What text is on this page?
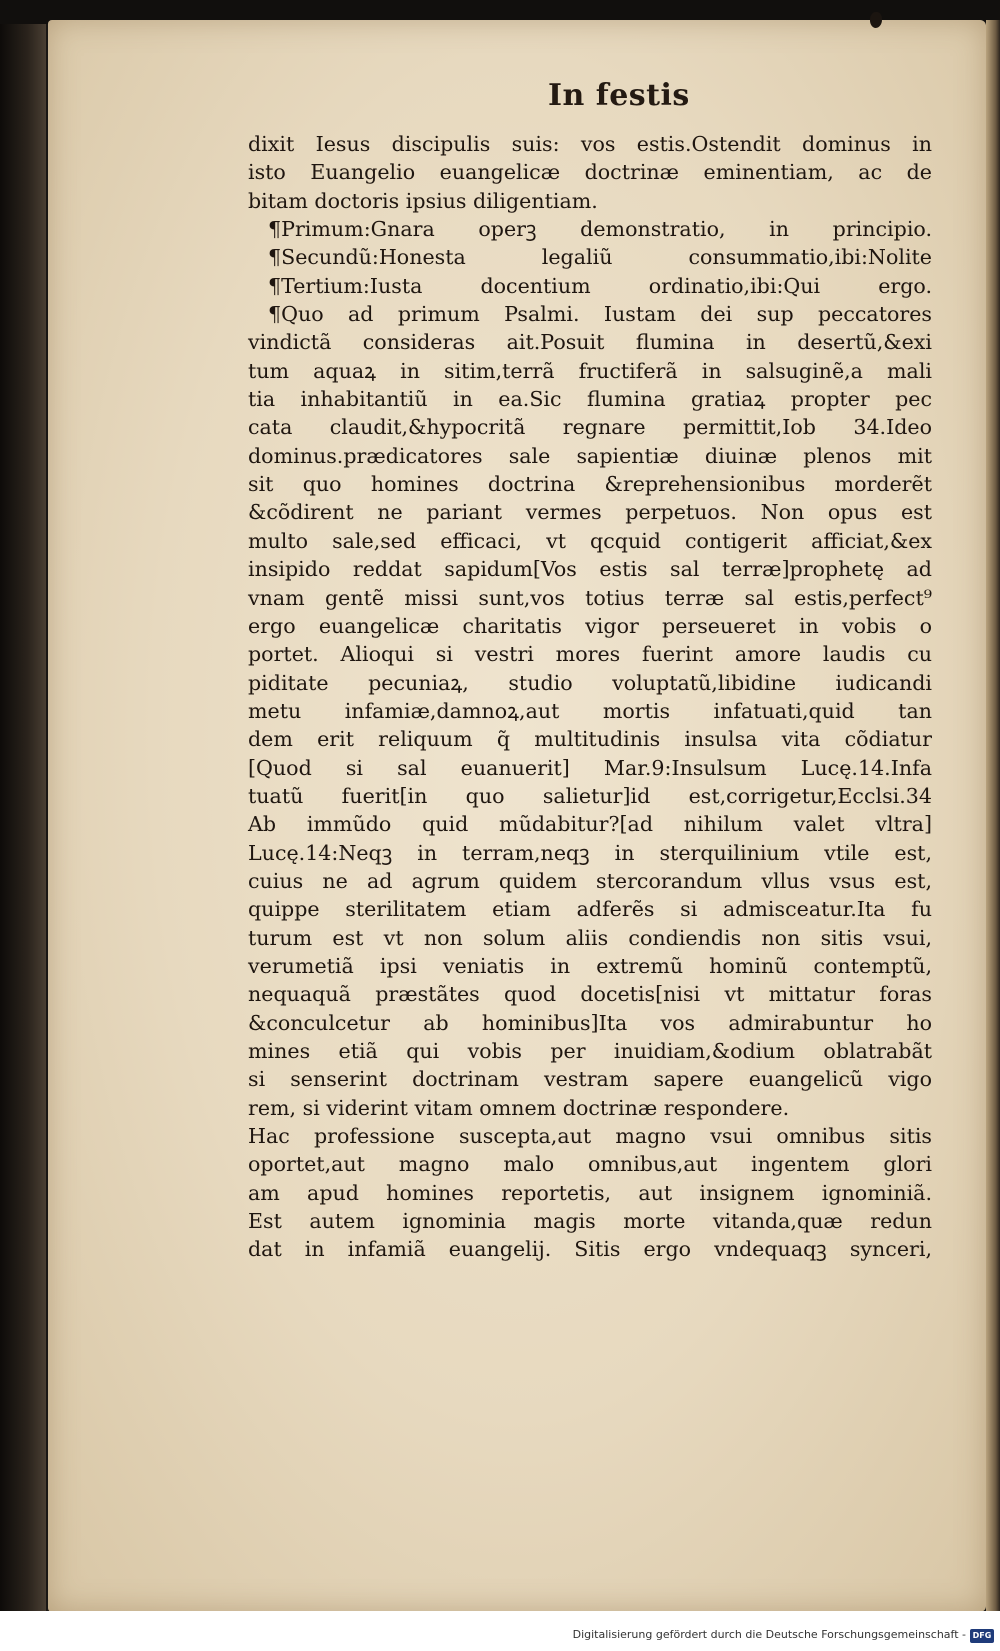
In festis
dixit Iesus discipulis suis: vos estis.Ostendit dominus in
isto Euangelio euangelicæ doctrinæ eminentiam, ac de
bitam doctoris ipsius diligentiam.
¶Primum:Gnara operꝫ demonstratio, in principio.
¶Secundũ:Honesta legaliũ consummatio,ibi:Nolite
¶Tertium:Iusta docentium ordinatio,ibi:Qui ergo.
¶Quo ad primum Psalmi. Iustam dei sup peccatores
vindictã consideras ait.Posuit flumina in desertũ,&exi
tum aquaꝝ in sitim,terrã fructiferã in salsuginẽ,a mali
tia inhabitantiũ in ea.Sic flumina gratiaꝝ propter pec
cata claudit,&hypocritã regnare permittit,Iob 34.Ideo
dominus.prædicatores sale sapientiæ diuinæ plenos mit
sit quo homines doctrina &reprehensionibus morderẽt
&cõdirent ne pariant vermes perpetuos. Non opus est
multo sale,sed efficaci, vt qcquid contigerit afficiat,&ex
insipido reddat sapidum[Vos estis sal terræ]prophetę ad
vnam gentẽ missi sunt,vos totius terræ sal estis,perfect⁹
ergo euangelicæ charitatis vigor perseueret in vobis o
portet. Alioqui si vestri mores fuerint amore laudis cu
piditate pecuniaꝝ, studio voluptatũ,libidine iudicandi
metu infamiæ,damnoꝝ,aut mortis infatuati,quid tan
dem erit reliquum q̃ multitudinis insulsa vita cõdiatur
[Quod si sal euanuerit] Mar.9:Insulsum Lucę.14.Infa
tuatũ fuerit[in quo salietur]id est,corrigetur,Ecclsi.34
Ab immũdo quid mũdabitur?[ad nihilum valet vltra]
Lucę.14:Neqꝫ in terram,neqꝫ in sterquilinium vtile est,
cuius ne ad agrum quidem stercorandum vllus vsus est,
quippe sterilitatem etiam adferẽs si admisceatur.Ita fu
turum est vt non solum aliis condiendis non sitis vsui,
verumetiã ipsi veniatis in extremũ hominũ contemptũ,
nequaquã præstãtes quod docetis[nisi vt mittatur foras
&conculcetur ab hominibus]Ita vos admirabuntur ho
mines etiã qui vobis per inuidiam,&odium oblatrabãt
si senserint doctrinam vestram sapere euangelicũ vigo
rem, si viderint vitam omnem doctrinæ respondere.
Hac professione suscepta,aut magno vsui omnibus sitis
oportet,aut magno malo omnibus,aut ingentem glori
am apud homines reportetis, aut insignem ignominiã.
Est autem ignominia magis morte vitanda,quæ redun
dat in infamiã euangelij. Sitis ergo vndequaqꝫ synceri,
Digitalisierung gefördert durch die Deutsche Forschungsgemeinschaft - DFG
